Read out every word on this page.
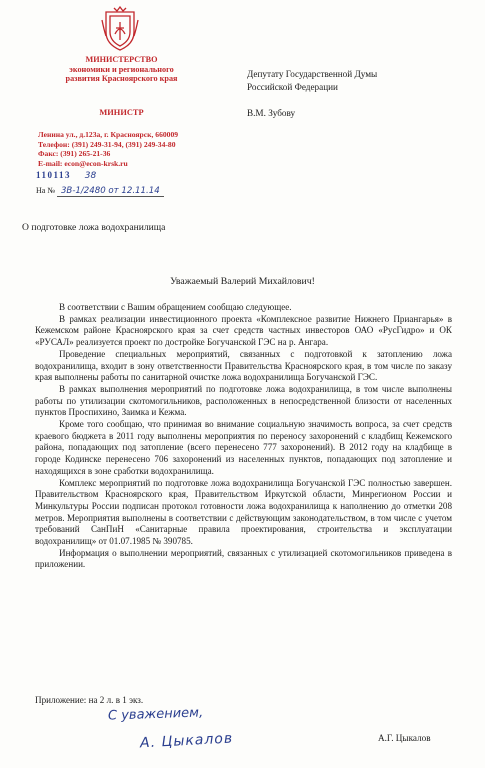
МИНИСТЕРСТВО
экономики и регионального
развития Красноярского края
МИНИСТР
Ленина ул., д.123а, г. Красноярск, 660009
Телефон: (391) 249-31-94, (391) 249-34-80
Факс: (391) 265-21-36
E-mail: econ@econ-krsk.ru
110113 38
На № 3В-1/2480 от 12.11.14
Депутату Государственной Думы
Российской Федерации
В.М. Зубову
О подготовке ложа водохранилища
Уважаемый Валерий Михайлович!

В соответствии с Вашим обращением сообщаю следующее.

В рамках реализации инвестиционного проекта «Комплексное развитие Нижнего Приангарья» в Кежемском районе Красноярского края за счет средств частных инвесторов ОАО «РусГидро» и ОК «РУСАЛ» реализуется проект по достройке Богучанской ГЭС на р. Ангара.

Проведение специальных мероприятий, связанных с подготовкой к затоплению ложа водохранилища, входит в зону ответственности Правительства Красноярского края, в том числе по заказу края выполнены работы по санитарной очистке ложа водохранилища Богучанской ГЭС.

В рамках выполнения мероприятий по подготовке ложа водохранилища, в том числе выполнены работы по утилизации скотомогильников, расположенных в непосредственной близости от населенных пунктов Проспихино, Заимка и Кежма.

Кроме того сообщаю, что принимая во внимание социальную значимость вопроса, за счет средств краевого бюджета в 2011 году выполнены мероприятия по переносу захоронений с кладбищ Кежемского района, попадающих под затопление (всего перенесено 777 захоронений). В 2012 году на кладбище в городе Кодинске перенесено 706 захоронений из населенных пунктов, попадающих под затопление и находящихся в зоне сработки водохранилища.

Комплекс мероприятий по подготовке ложа водохранилища Богучанской ГЭС полностью завершен. Правительством Красноярского края, Правительством Иркутской области, Минрегионом России и Минкультуры России подписан протокол готовности ложа водохранилища к наполнению до отметки 208 метров. Мероприятия выполнены в соответствии с действующим законодательством, в том числе с учетом требований СанПиН «Санитарные правила проектирования, строительства и эксплуатации водохранилищ» от 01.07.1985 № 390785.

Информация о выполнении мероприятий, связанных с утилизацией скотомогильников приведена в приложении.

Приложение: на 2 л. в 1 экз.
С уважением,
А. Цыкалов	А.Г. Цыкалов
